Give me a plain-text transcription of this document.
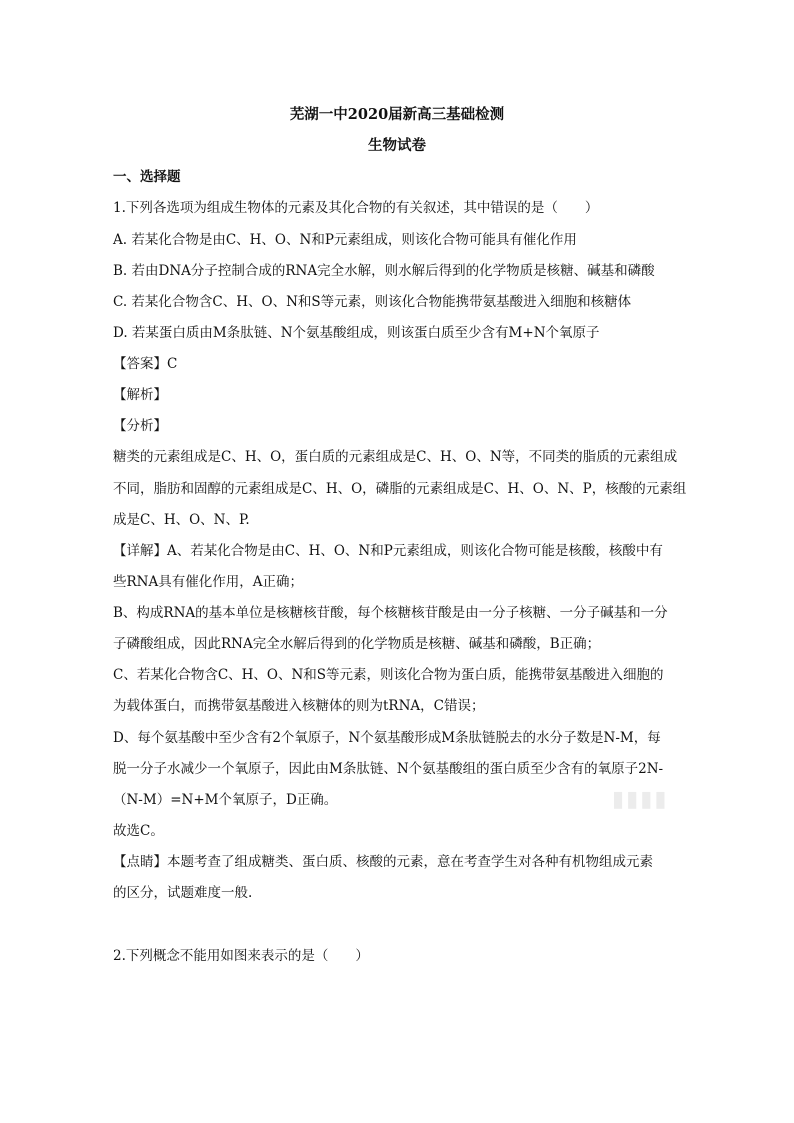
芜湖一中2020届新高三基础检测
生物试卷
一、选择题
1.下列各选项为组成生物体的元素及其化合物的有关叙述，其中错误的是（　　）
A. 若某化合物是由C、H、O、N和P元素组成，则该化合物可能具有催化作用
B. 若由DNA分子控制合成的RNA完全水解，则水解后得到的化学物质是核糖、碱基和磷酸
C. 若某化合物含C、H、O、N和S等元素，则该化合物能携带氨基酸进入细胞和核糖体
D. 若某蛋白质由M条肽链、N个氨基酸组成，则该蛋白质至少含有M+N个氧原子
【答案】C
【解析】
【分析】
糖类的元素组成是C、H、O，蛋白质的元素组成是C、H、O、N等，不同类的脂质的元素组成
不同，脂肪和固醇的元素组成是C、H、O，磷脂的元素组成是C、H、O、N、P，核酸的元素组
成是C、H、O、N、P.
【详解】A、若某化合物是由C、H、O、N和P元素组成，则该化合物可能是核酸，核酸中有
些RNA具有催化作用，A正确；
B、构成RNA的基本单位是核糖核苷酸，每个核糖核苷酸是由一分子核糖、一分子碱基和一分
子磷酸组成，因此RNA完全水解后得到的化学物质是核糖、碱基和磷酸，B正确；
C、若某化合物含C、H、O、N和S等元素，则该化合物为蛋白质，能携带氨基酸进入细胞的
为载体蛋白，而携带氨基酸进入核糖体的则为tRNA，C错误；
D、每个氨基酸中至少含有2个氧原子，N个氨基酸形成M条肽链脱去的水分子数是N-M，每
脱一分子水减少一个氧原子，因此由M条肽链、N个氨基酸组的蛋白质至少含有的氧原子2N-
（N-M）=N+M个氧原子，D正确。
故选C。
【点睛】本题考查了组成糖类、蛋白质、核酸的元素，意在考查学生对各种有机物组成元素
的区分，试题难度一般.
2.下列概念不能用如图来表示的是（　　）
▮▮▮▮
